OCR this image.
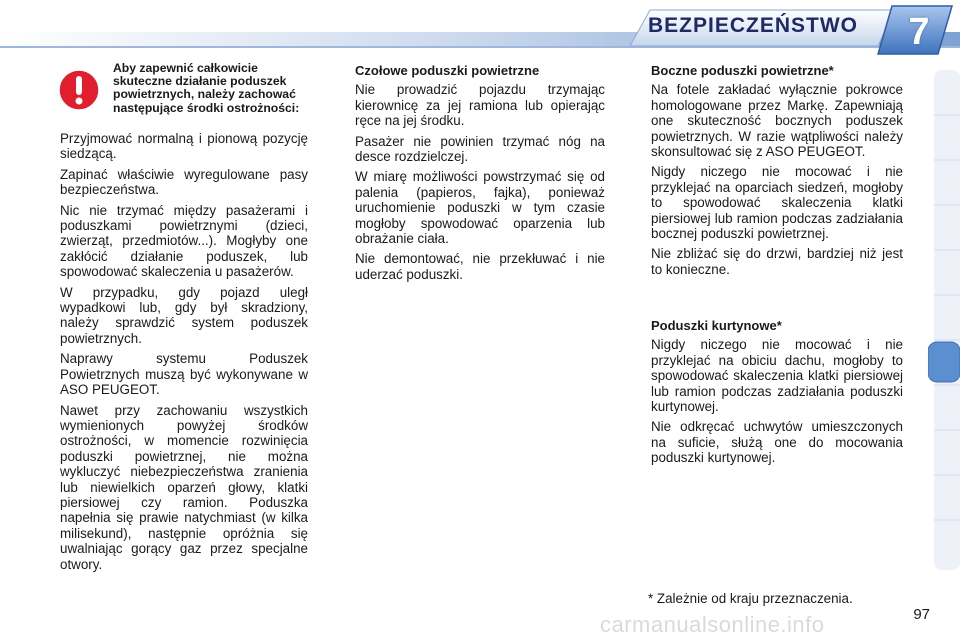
BEZPIECZEŃSTWO	7
Aby zapewnić całkowicie skuteczne działanie poduszek powietrznych, należy zachować następujące środki ostrożności:

Przyjmować normalną i pionową pozycję siedzącą.

Zapinać właściwie wyregulowane pasy bezpieczeństwa.

Nic nie trzymać między pasażerami i poduszkami powietrznymi (dzieci, zwierząt, przedmiotów...). Mogłyby one zakłócić działanie poduszek, lub spowodować skaleczenia u pasażerów.

W przypadku, gdy pojazd uległ wypadkowi lub, gdy był skradziony, należy sprawdzić system poduszek powietrznych.

Naprawy systemu Poduszek Powietrznych muszą być wykonywane w ASO PEUGEOT.

Nawet przy zachowaniu wszystkich wymienionych powyżej środków ostrożności, w momencie rozwinięcia poduszki powietrznej, nie można wykluczyć niebezpieczeństwa zranienia lub niewielkich oparzeń głowy, klatki piersiowej czy ramion. Poduszka napełnia się prawie natychmiast (w kilka milisekund), następnie opróżnia się uwalniając gorący gaz przez specjalne otwory.

Czołowe poduszki powietrzne

Nie prowadzić pojazdu trzymając kierownicę za jej ramiona lub opierając ręce na jej środku.

Pasażer nie powinien trzymać nóg na desce rozdzielczej.

W miarę możliwości powstrzymać się od palenia (papieros, fajka), ponieważ uruchomienie poduszki w tym czasie mogłoby spowodować oparzenia lub obrażanie ciała.

Nie demontować, nie przekłuwać i nie uderzać poduszki.

Boczne poduszki powietrzne*

Na fotele zakładać wyłącznie pokrowce homologowane przez Markę. Zapewniają one skuteczność bocznych poduszek powietrznych. W razie wątpliwości należy skonsultować się z ASO PEUGEOT.

Nigdy niczego nie mocować i nie przyklejać na oparciach siedzeń, mogłoby to spowodować skaleczenia klatki piersiowej lub ramion podczas zadziałania bocznej poduszki powietrznej.

Nie zbliżać się do drzwi, bardziej niż jest to konieczne.

Poduszki kurtynowe*

Nigdy niczego nie mocować i nie przyklejać na obiciu dachu, mogłoby to spowodować skaleczenia klatki piersiowej lub ramion podczas zadziałania poduszki kurtynowej.

Nie odkręcać uchwytów umieszczonych na suficie, służą one do mocowania poduszki kurtynowej.

* Zależnie od kraju przeznaczenia.
carmanualsonline.info	97
